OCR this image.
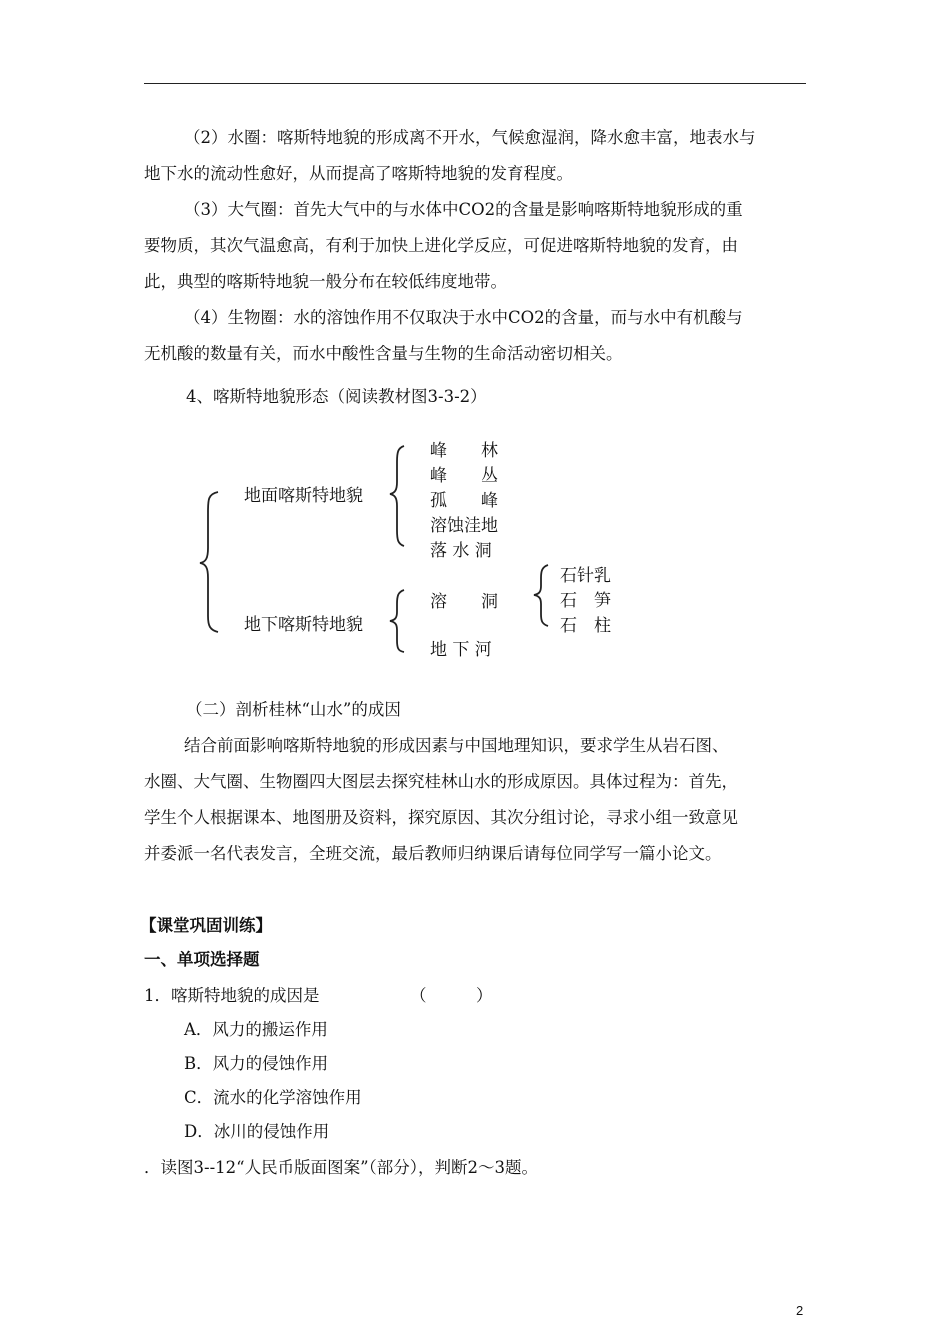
（2）水圈：喀斯特地貌的形成离不开水，气候愈湿润，降水愈丰富，地表水与
地下水的流动性愈好，从而提高了喀斯特地貌的发育程度。
（3）大气圈：首先大气中的与水体中CO2的含量是影响喀斯特地貌形成的重
要物质，其次气温愈高，有利于加快上进化学反应，可促进喀斯特地貌的发育，由
此，典型的喀斯特地貌一般分布在较低纬度地带。
（4）生物圈：水的溶蚀作用不仅取决于水中CO2的含量，而与水中有机酸与
无机酸的数量有关，而水中酸性含量与生物的生命活动密切相关。
4、喀斯特地貌形态（阅读教材图3-3-2）
地面喀斯特地貌
地下喀斯特地貌
峰　　林
峰　　丛
孤　　峰
溶蚀洼地
落 水 洞
溶　　洞
地 下 河
石针乳
石　笋
石　柱
（二）剖析桂林“山水”的成因
结合前面影响喀斯特地貌的形成因素与中国地理知识，要求学生从岩石图、
水圈、大气圈、生物圈四大图层去探究桂林山水的形成原因。具体过程为：首先，
学生个人根据课本、地图册及资料，探究原因、其次分组讨论，寻求小组一致意见
并委派一名代表发言，全班交流，最后教师归纳课后请每位同学写一篇小论文。
【课堂巩固训练】
一、单项选择题
1．喀斯特地貌的成因是	（　　　）
A．风力的搬运作用
B．风力的侵蚀作用
C．流水的化学溶蚀作用
D．冰川的侵蚀作用
．读图3--12“人民币版面图案”（部分），判断2～3题。
2
